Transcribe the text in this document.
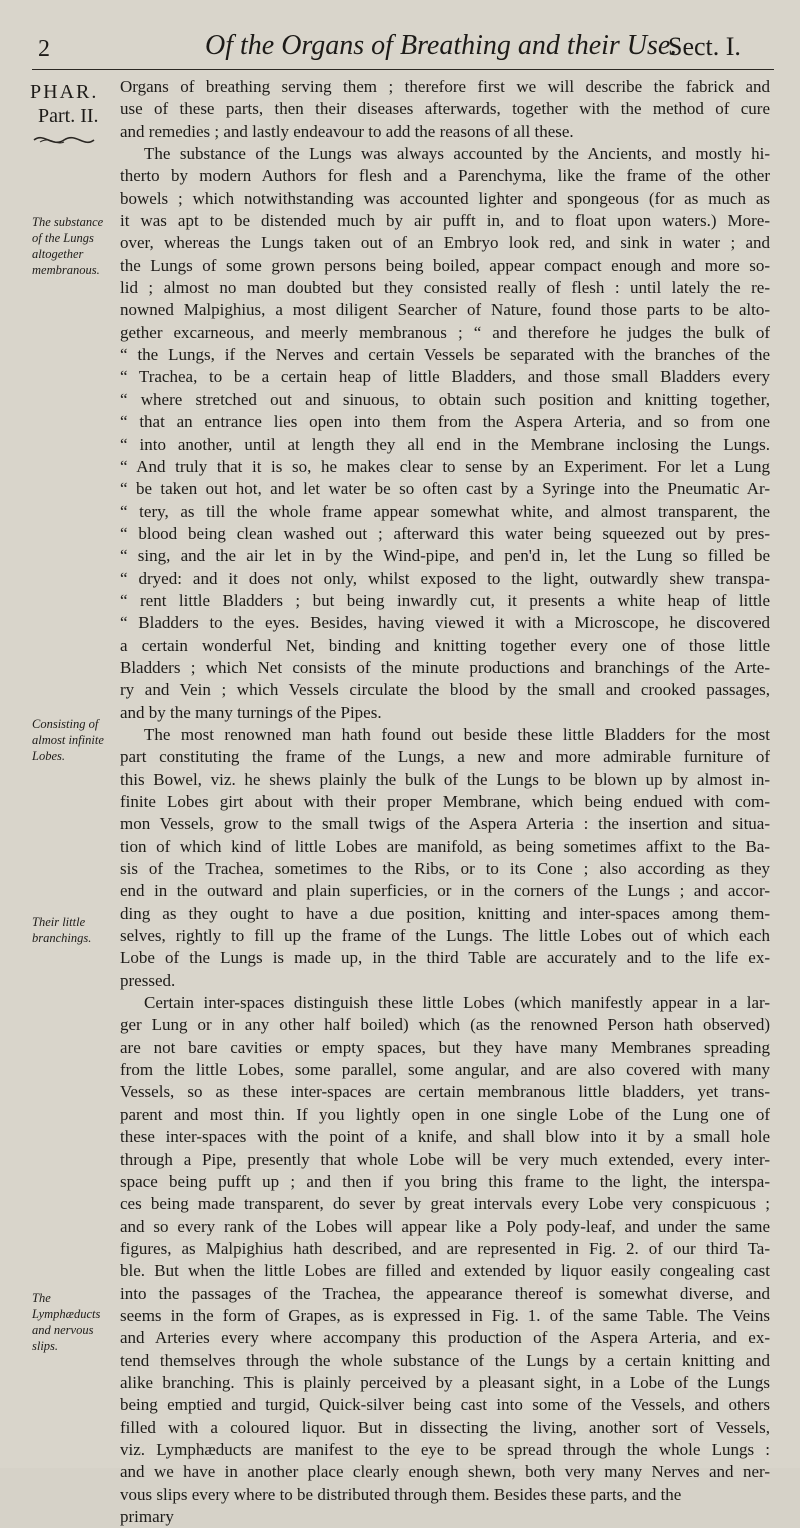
2	Of the Organs of Breathing and their Use.
Sect. I.
PHAR.
Part. II.
The substance of the Lungs altogether membranous.
Consisting of almost infinite Lobes.
Their little branchings.
The Lymphæducts and nervous slips.
Organs of breathing serving them ; therefore first we will describe the fabrick and
use of these parts, then their diseases afterwards, together with the method of cure
and remedies ; and lastly endeavour to add the reasons of all these.
The substance of the Lungs was always accounted by the Ancients, and mostly hi-
therto by modern Authors for flesh and a Parenchyma, like the frame of the other
bowels ; which notwithstanding was accounted lighter and spongeous (for as much as
it was apt to be distended much by air pufft in, and to float upon waters.) More-
over, whereas the Lungs taken out of an Embryo look red, and sink in water ; and
the Lungs of some grown persons being boiled, appear compact enough and more so-
lid ; almost no man doubted but they consisted really of flesh : until lately the re-
nowned Malpighius, a most diligent Searcher of Nature, found those parts to be alto-
gether excarneous, and meerly membranous ; “ and therefore he judges the bulk of
“ the Lungs, if the Nerves and certain Vessels be separated with the branches of the
“ Trachea, to be a certain heap of little Bladders, and those small Bladders every
“ where stretched out and sinuous, to obtain such position and knitting together,
“ that an entrance lies open into them from the Aspera Arteria, and so from one
“ into another, until at length they all end in the Membrane inclosing the Lungs.
“ And truly that it is so, he makes clear to sense by an Experiment. For let a Lung
“ be taken out hot, and let water be so often cast by a Syringe into the Pneumatic Ar-
“ tery, as till the whole frame appear somewhat white, and almost transparent, the
“ blood being clean washed out ; afterward this water being squeezed out by pres-
“ sing, and the air let in by the Wind-pipe, and pen'd in, let the Lung so filled be
“ dryed: and it does not only, whilst exposed to the light, outwardly shew transpa-
“ rent little Bladders ; but being inwardly cut, it presents a white heap of little
“ Bladders to the eyes. Besides, having viewed it with a Microscope, he discovered
a certain wonderful Net, binding and knitting together every one of those little
Bladders ; which Net consists of the minute productions and branchings of the Arte-
ry and Vein ; which Vessels circulate the blood by the small and crooked passages,
and by the many turnings of the Pipes.
The most renowned man hath found out beside these little Bladders for the most
part constituting the frame of the Lungs, a new and more admirable furniture of
this Bowel, viz. he shews plainly the bulk of the Lungs to be blown up by almost in-
finite Lobes girt about with their proper Membrane, which being endued with com-
mon Vessels, grow to the small twigs of the Aspera Arteria : the insertion and situa-
tion of which kind of little Lobes are manifold, as being sometimes affixt to the Ba-
sis of the Trachea, sometimes to the Ribs, or to its Cone ; also according as they
end in the outward and plain superficies, or in the corners of the Lungs ; and accor-
ding as they ought to have a due position, knitting and inter-spaces among them-
selves, rightly to fill up the frame of the Lungs. The little Lobes out of which each
Lobe of the Lungs is made up, in the third Table are accurately and to the life ex-
pressed.
Certain inter-spaces distinguish these little Lobes (which manifestly appear in a lar-
ger Lung or in any other half boiled) which (as the renowned Person hath observed)
are not bare cavities or empty spaces, but they have many Membranes spreading
from the little Lobes, some parallel, some angular, and are also covered with many
Vessels, so as these inter-spaces are certain membranous little bladders, yet trans-
parent and most thin. If you lightly open in one single Lobe of the Lung one of
these inter-spaces with the point of a knife, and shall blow into it by a small hole
through a Pipe, presently that whole Lobe will be very much extended, every inter-
space being pufft up ; and then if you bring this frame to the light, the interspa-
ces being made transparent, do sever by great intervals every Lobe very conspicuous ;
and so every rank of the Lobes will appear like a Poly pody-leaf, and under the same
figures, as Malpighius hath described, and are represented in Fig. 2. of our third Ta-
ble. But when the little Lobes are filled and extended by liquor easily congealing cast
into the passages of the Trachea, the appearance thereof is somewhat diverse, and
seems in the form of Grapes, as is expressed in Fig. 1. of the same Table. The Veins
and Arteries every where accompany this production of the Aspera Arteria, and ex-
tend themselves through the whole substance of the Lungs by a certain knitting and
alike branching. This is plainly perceived by a pleasant sight, in a Lobe of the Lungs
being emptied and turgid, Quick-silver being cast into some of the Vessels, and others
filled with a coloured liquor. But in dissecting the living, another sort of Vessels,
viz. Lymphæducts are manifest to the eye to be spread through the whole Lungs :
and we have in another place clearly enough shewn, both very many Nerves and ner-
vous slips every where to be distributed through them. Besides these parts, and the
primary
